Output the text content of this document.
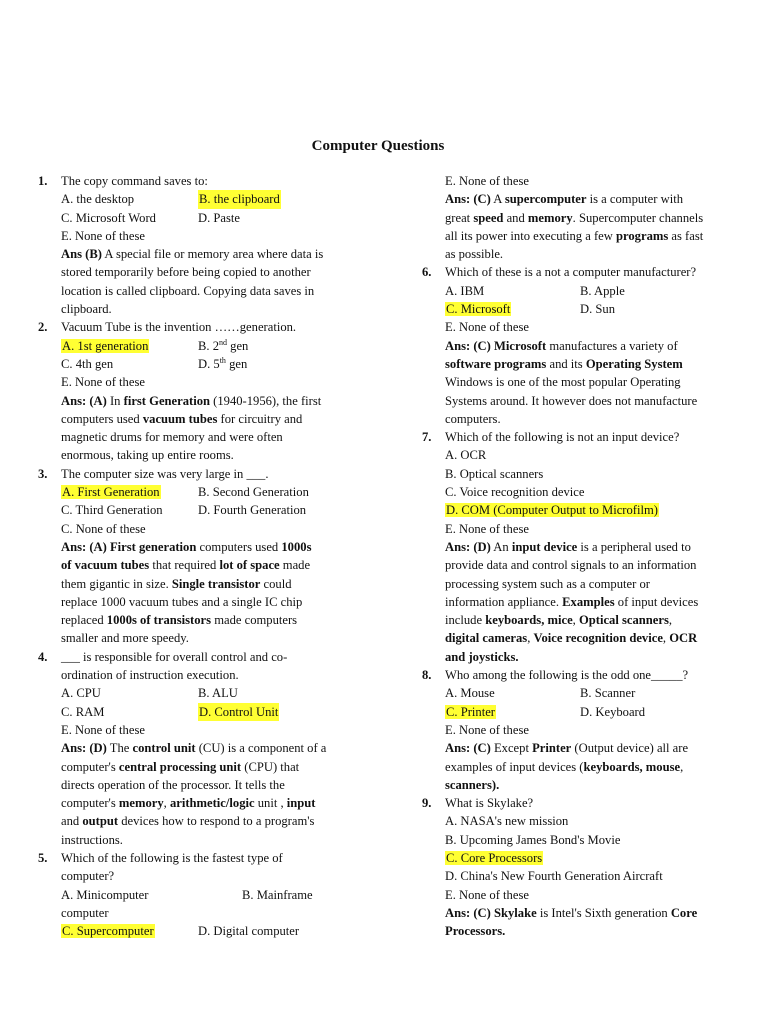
Computer Questions
1.	The copy command saves to:
A. the desktop	B. the clipboard
C. Microsoft Word	D. Paste
E. None of these
Ans (B) A special file or memory area where data is
stored temporarily before being copied to another
location is called clipboard. Copying data saves in
clipboard.
2.	Vacuum Tube is the invention ……generation.
A. 1st generation	B. 2nd gen
C. 4th gen	D. 5th gen
E. None of these
Ans: (A) In first Generation (1940-1956), the first
computers used vacuum tubes for circuitry and
magnetic drums for memory and were often
enormous, taking up entire rooms.
3.	The computer size was very large in ___.
A. First Generation	B. Second Generation
C. Third Generation	D. Fourth Generation
C. None of these
Ans: (A) First generation computers used 1000s
of vacuum tubes that required lot of space made
them gigantic in size. Single transistor could
replace 1000 vacuum tubes and a single IC chip
replaced 1000s of transistors made computers
smaller and more speedy.
4.	___ is responsible for overall control and co-
ordination of instruction execution.
A. CPU	B. ALU
C. RAM	D. Control Unit
E. None of these
Ans: (D) The control unit (CU) is a component of a
computer's central processing unit (CPU) that
directs operation of the processor. It tells the
computer's memory, arithmetic/logic unit , input
and output devices how to respond to a program's
instructions.
5.	Which of the following is the fastest type of
computer?
A. Minicomputer	B. Mainframe
computer
C. Supercomputer	D. Digital computer
E. None of these
Ans: (C) A supercomputer is a computer with
great speed and memory. Supercomputer channels
all its power into executing a few programs as fast
as possible.
6.	Which of these is a not a computer manufacturer?
A. IBM	B. Apple
C. Microsoft	D. Sun
E. None of these
Ans: (C) Microsoft manufactures a variety of
software programs and its Operating System
Windows is one of the most popular Operating
Systems around. It however does not manufacture
computers.
7.	Which of the following is not an input device?
A. OCR
B. Optical scanners
C. Voice recognition device
D. COM (Computer Output to Microfilm)
E. None of these
Ans: (D) An input device is a peripheral used to
provide data and control signals to an information
processing system such as a computer or
information appliance. Examples of input devices
include keyboards, mice, Optical scanners,
digital cameras, Voice recognition device, OCR
and joysticks.
8.	Who among the following is the odd one_____?
A. Mouse	B. Scanner
C. Printer	D. Keyboard
E. None of these
Ans: (C) Except Printer (Output device) all are
examples of input devices (keyboards, mouse,
scanners).
9.	What is Skylake?
A. NASA's new mission
B. Upcoming James Bond's Movie
C. Core Processors
D. China's New Fourth Generation Aircraft
E. None of these
Ans: (C) Skylake is Intel's Sixth generation Core
Processors.
